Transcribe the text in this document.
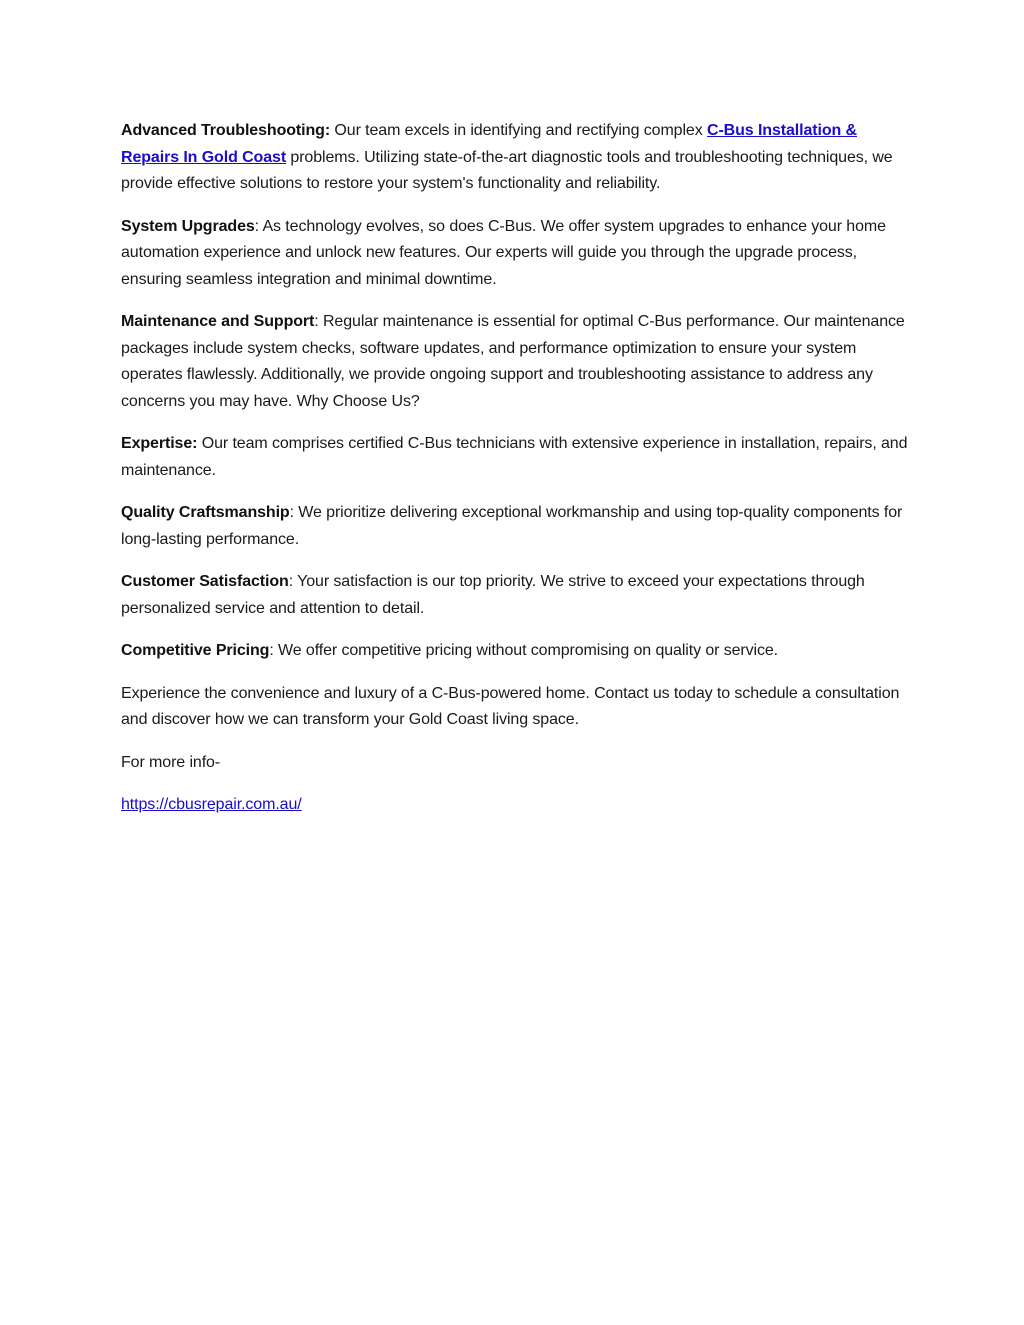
Advanced Troubleshooting: Our team excels in identifying and rectifying complex C-Bus Installation & Repairs In Gold Coast problems. Utilizing state-of-the-art diagnostic tools and troubleshooting techniques, we provide effective solutions to restore your system's functionality and reliability.

System Upgrades: As technology evolves, so does C-Bus. We offer system upgrades to enhance your home automation experience and unlock new features. Our experts will guide you through the upgrade process, ensuring seamless integration and minimal downtime.

Maintenance and Support: Regular maintenance is essential for optimal C-Bus performance. Our maintenance packages include system checks, software updates, and performance optimization to ensure your system operates flawlessly. Additionally, we provide ongoing support and troubleshooting assistance to address any concerns you may have. Why Choose Us?

Expertise: Our team comprises certified C-Bus technicians with extensive experience in installation, repairs, and maintenance.

Quality Craftsmanship: We prioritize delivering exceptional workmanship and using top-quality components for long-lasting performance.

Customer Satisfaction: Your satisfaction is our top priority. We strive to exceed your expectations through personalized service and attention to detail.

Competitive Pricing: We offer competitive pricing without compromising on quality or service.

Experience the convenience and luxury of a C-Bus-powered home. Contact us today to schedule a consultation and discover how we can transform your Gold Coast living space.

For more info-

https://cbusrepair.com.au/
